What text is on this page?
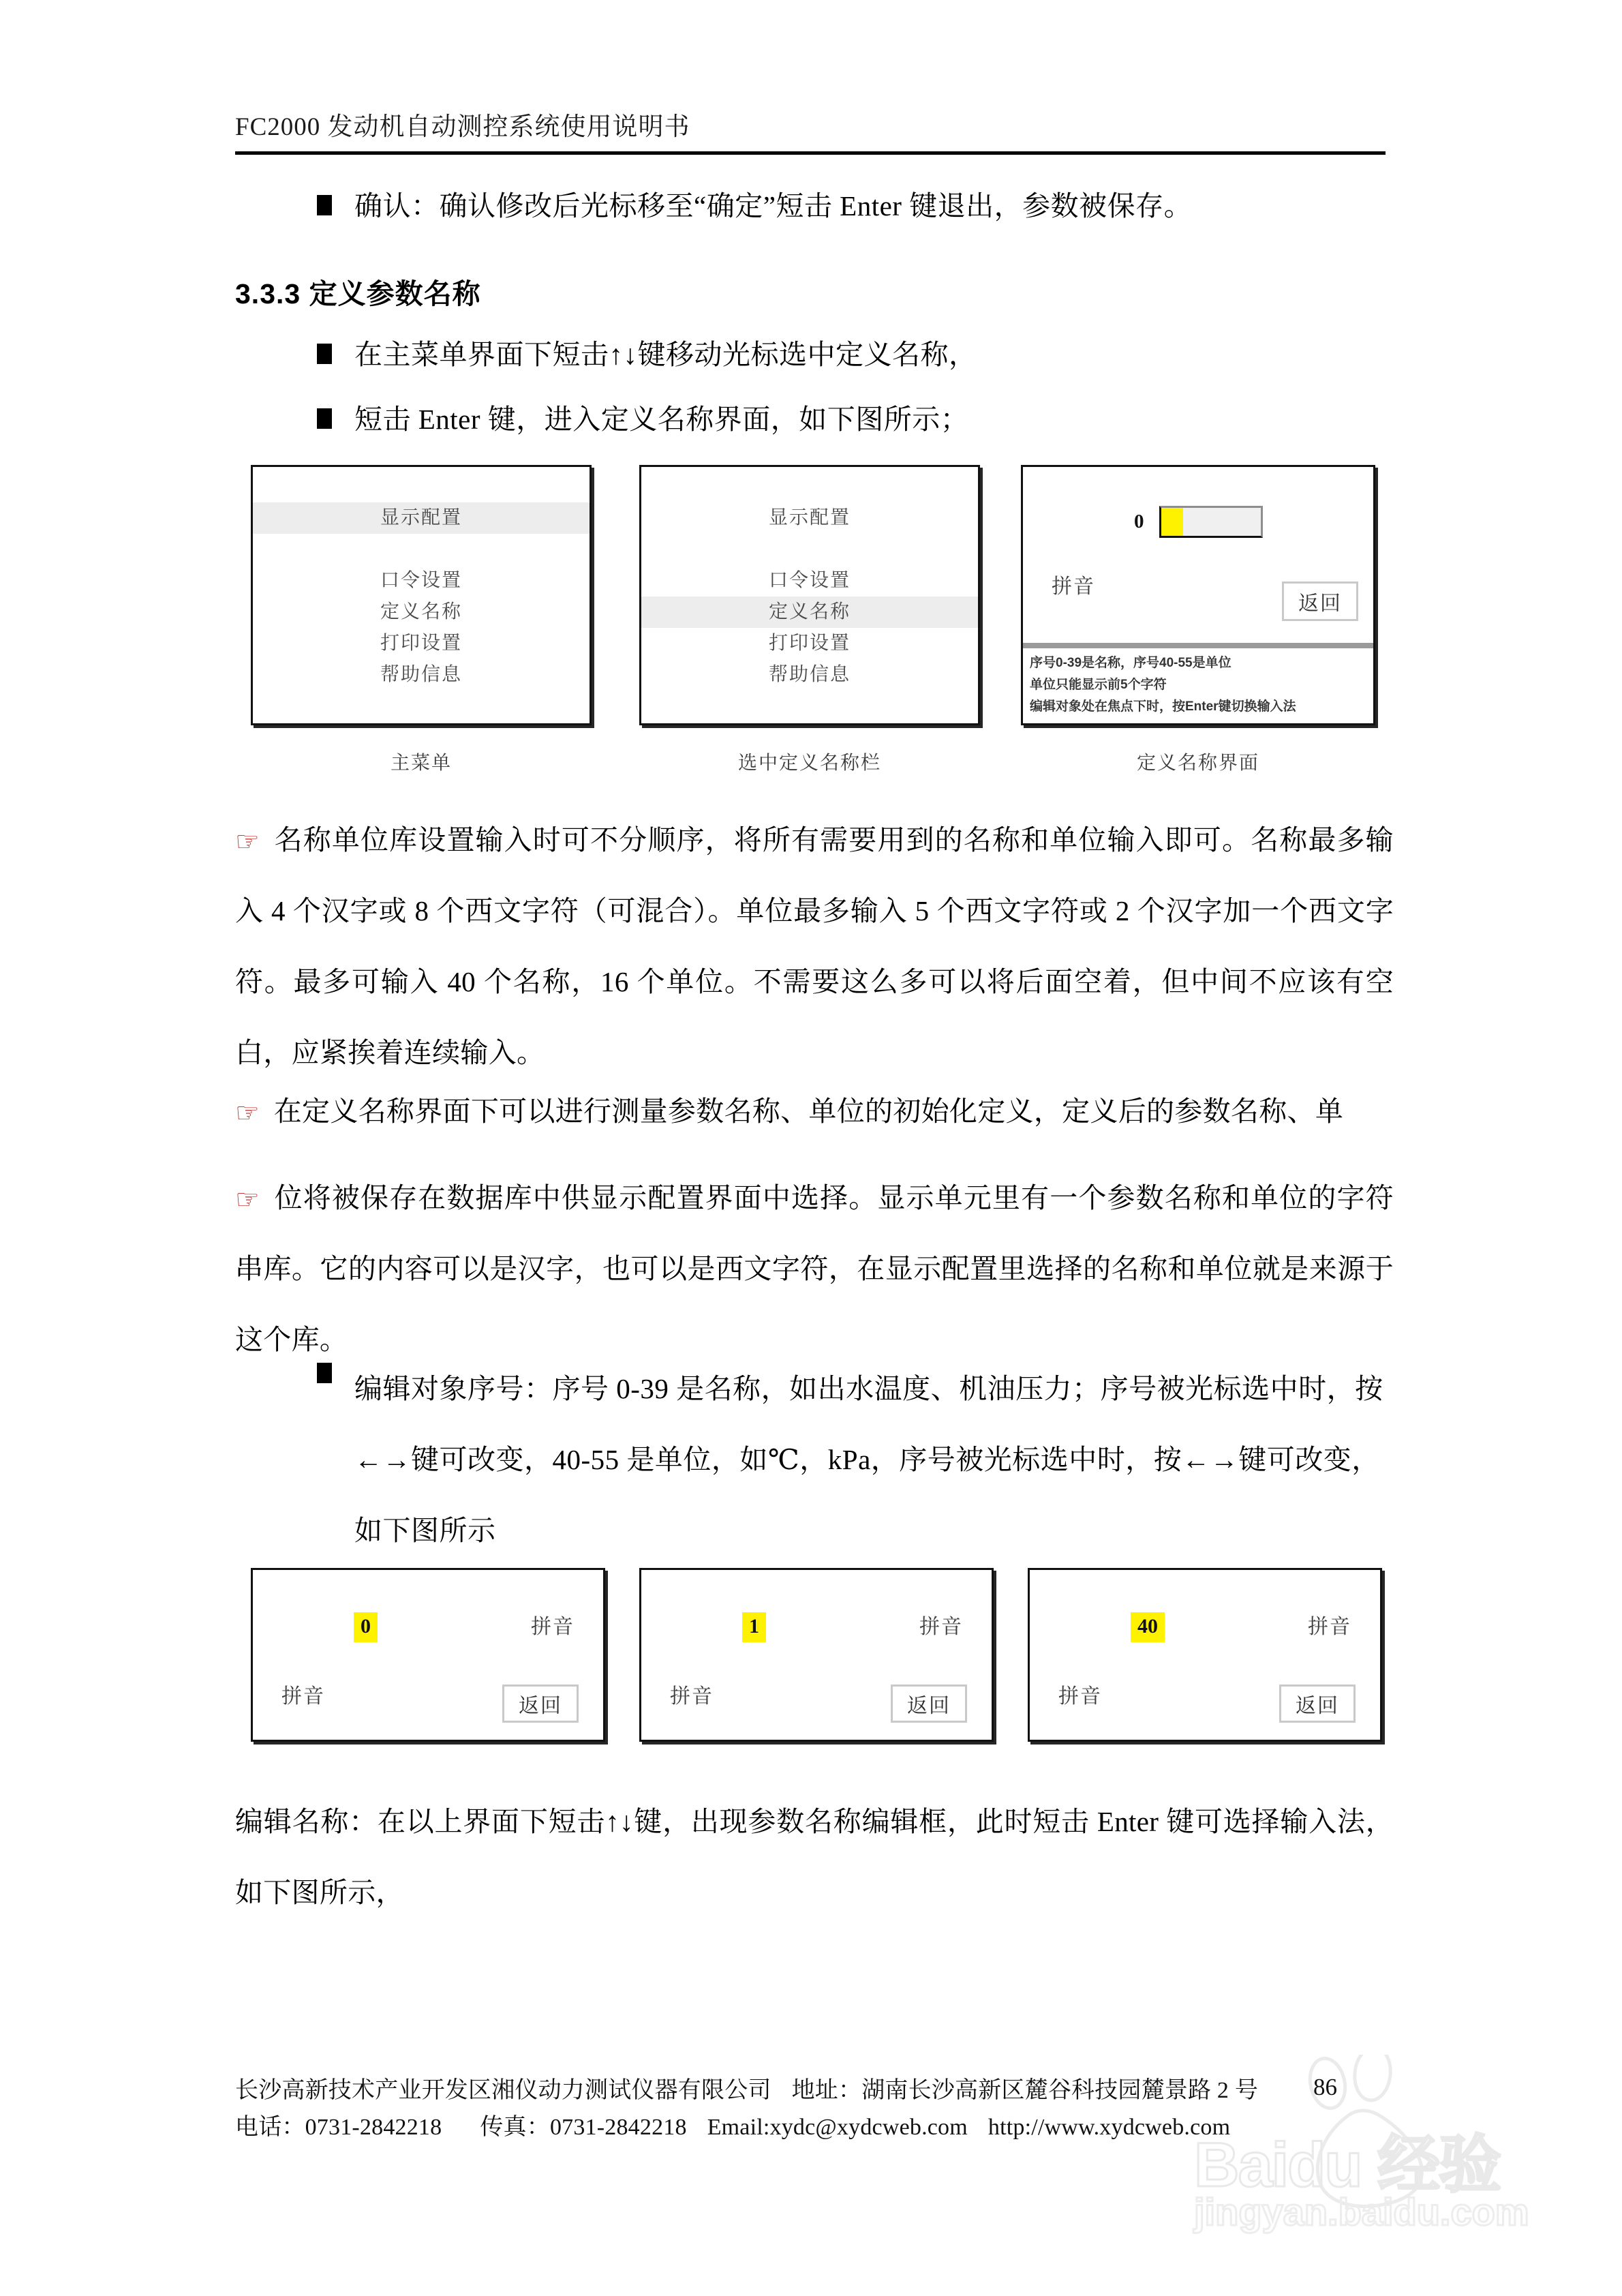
FC2000 发动机自动测控系统使用说明书
确认：确认修改后光标移至“确定”短击 Enter 键退出，参数被保存。
3.3.3 定义参数名称
在主菜单界面下短击↑↓键移动光标选中定义名称，
短击 Enter 键，进入定义名称界面，如下图所示；
显示配置
口令设置
定义名称
打印设置
帮助信息
主菜单
显示配置
口令设置
定义名称
打印设置
帮助信息
选中定义名称栏
0
拼音
返回
序号0-39是名称，序号40-55是单位
单位只能显示前5个字符
编辑对象处在焦点下时，按Enter键切换输入法
定义名称界面
☞ 名称单位库设置输入时可不分顺序，将所有需要用到的名称和单位输入即可。名称最多输入 4 个汉字或 8 个西文字符（可混合）。单位最多输入 5 个西文字符或 2 个汉字加一个西文字符。最多可输入 40 个名称，16 个单位。不需要这么多可以将后面空着，但中间不应该有空白，应紧挨着连续输入。
☞ 在定义名称界面下可以进行测量参数名称、单位的初始化定义，定义后的参数名称、单
☞ 位将被保存在数据库中供显示配置界面中选择。显示单元里有一个参数名称和单位的字符串库。它的内容可以是汉字，也可以是西文字符，在显示配置里选择的名称和单位就是来源于这个库。
编辑对象序号：序号 0-39 是名称，如出水温度、机油压力；序号被光标选中时，按←→键可改变，40-55 是单位，如℃，kPa，序号被光标选中时，按←→键可改变，如下图所示
0	拼音
拼音	返回
1	拼音
拼音	返回
40	拼音
拼音	返回
编辑名称：在以上界面下短击↑↓键，出现参数名称编辑框，此时短击 Enter 键可选择输入法，如下图所示，
Baidu 经验
jingyan.baidu.com
长沙高新技术产业开发区湘仪动力测试仪器有限公司 地址：湖南长沙高新区麓谷科技园麓景路 2 号
电话：0731-2842218 传真：0731-2842218 Email:xydc@xydcweb.com http://www.xydcweb.com
86
